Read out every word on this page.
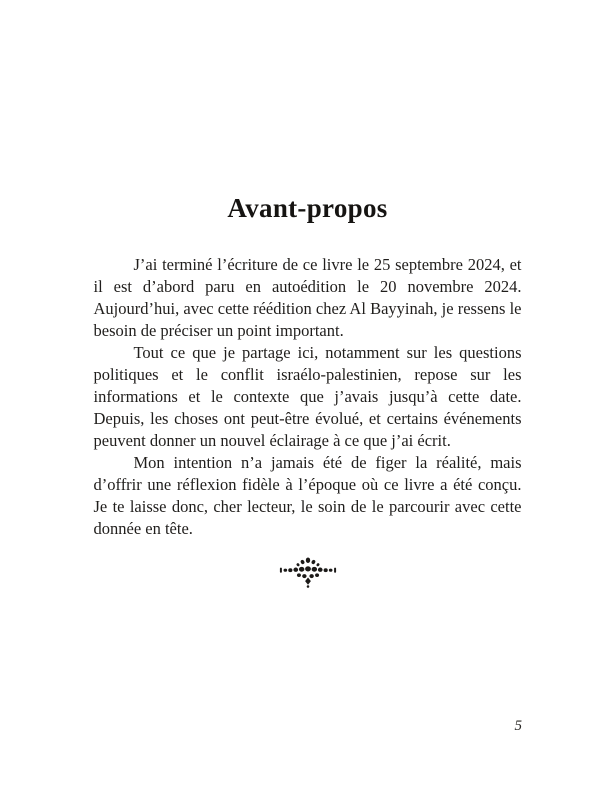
Avant-propos

J’ai terminé l’écriture de ce livre le 25 septembre 2024, et il est d’abord paru en autoédition le 20 novembre 2024. Aujourd’hui, avec cette réédition chez Al Bayyinah, je ressens le besoin de préciser un point important.

Tout ce que je partage ici, notamment sur les questions politiques et le conflit israélo-palestinien, repose sur les informations et le contexte que j’avais jusqu’à cette date. Depuis, les choses ont peut-être évolué, et certains événements peuvent donner un nouvel éclairage à ce que j’ai écrit.

Mon intention n’a jamais été de figer la réalité, mais d’offrir une réflexion fidèle à l’époque où ce livre a été conçu. Je te laisse donc, cher lecteur, le soin de le parcourir avec cette donnée en tête.

5
